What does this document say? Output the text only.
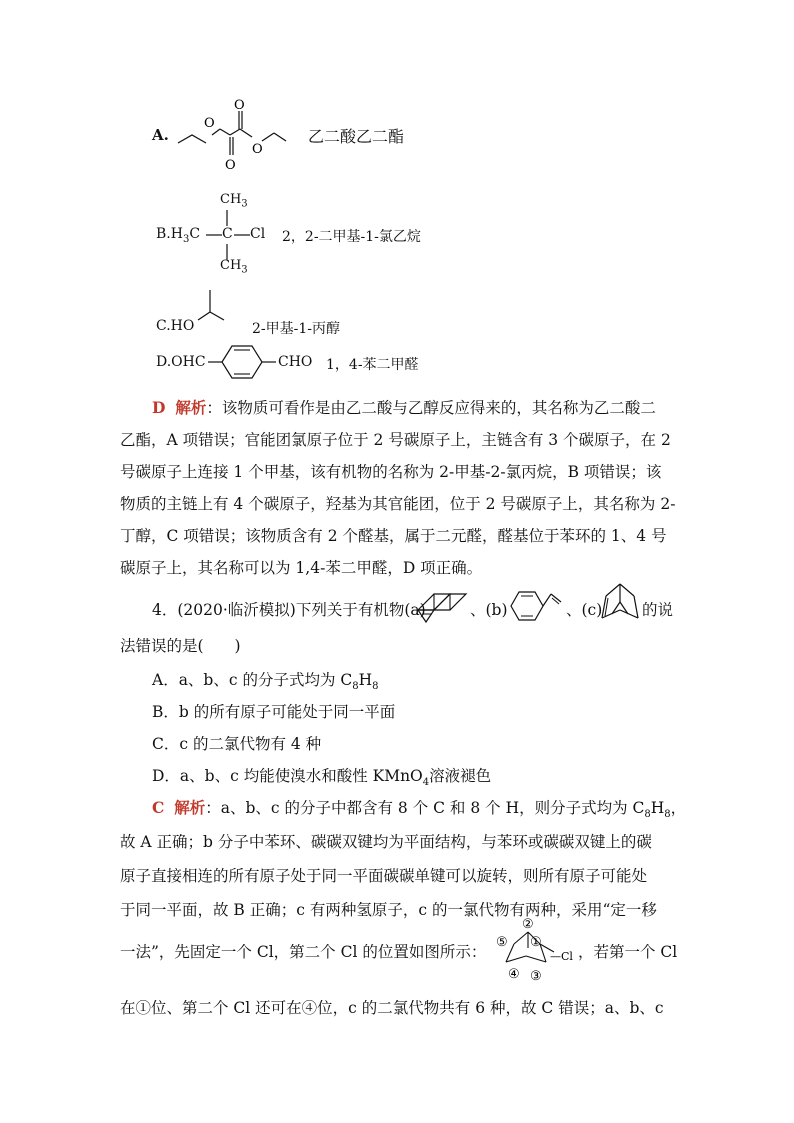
A.
O
O
O
O
乙二酸乙二酯
$CH_3$
$B.H_3C$ C Cl
$CH_3$
2，2-二甲基-1-氯乙烷
C.HO	2-甲基-1-丙醇
D.OHC	CHO 1，4-苯二甲醛
D 解析：该物质可看作是由乙二酸与乙醇反应得来的，其名称为乙二酸二
乙酯，A 项错误；官能团氯原子位于 2 号碳原子上，主链含有 3 个碳原子，在 2
号碳原子上连接 1 个甲基，该有机物的名称为 2-甲基-2-氯丙烷，B 项错误；该
物质的主链上有 4 个碳原子，羟基为其官能团，位于 2 号碳原子上，其名称为 2-
丁醇，C 项错误；该物质含有 2 个醛基，属于二元醛，醛基位于苯环的 1、4 号
碳原子上，其名称可以为 1,4-苯二甲醛，D 项正确。
4．(2020·临沂模拟)下列关于有机物(a)	、(b)	、(c)	的说
法错误的是(　　)
A．a、b、c 的分子式均为 $C_8H_8$
B．b 的所有原子可能处于同一平面
C．c 的二氯代物有 4 种
D．a、b、c 均能使溴水和酸性 KMnO$_4$溶液褪色
C 解析：a、b、c 的分子中都含有 8 个 C 和 8 个 H，则分子式均为 $C_8H_8$，
故 A 正确；b 分子中苯环、碳碳双键均为平面结构，与苯环或碳碳双键上的碳
原子直接相连的所有原子处于同一平面碳碳单键可以旋转，则所有原子可能处
于同一平面，故 B 正确；c 有两种氢原子，c 的一氯代物有两种，采用“定一移
一法”，先固定一个 Cl，第二个 Cl 的位置如图所示：
②
⑤ ①
④ ③
—Cl ，若第一个 Cl
在①位、第二个 Cl 还可在④位，c 的二氯代物共有 6 种，故 C 错误；a、b、c
